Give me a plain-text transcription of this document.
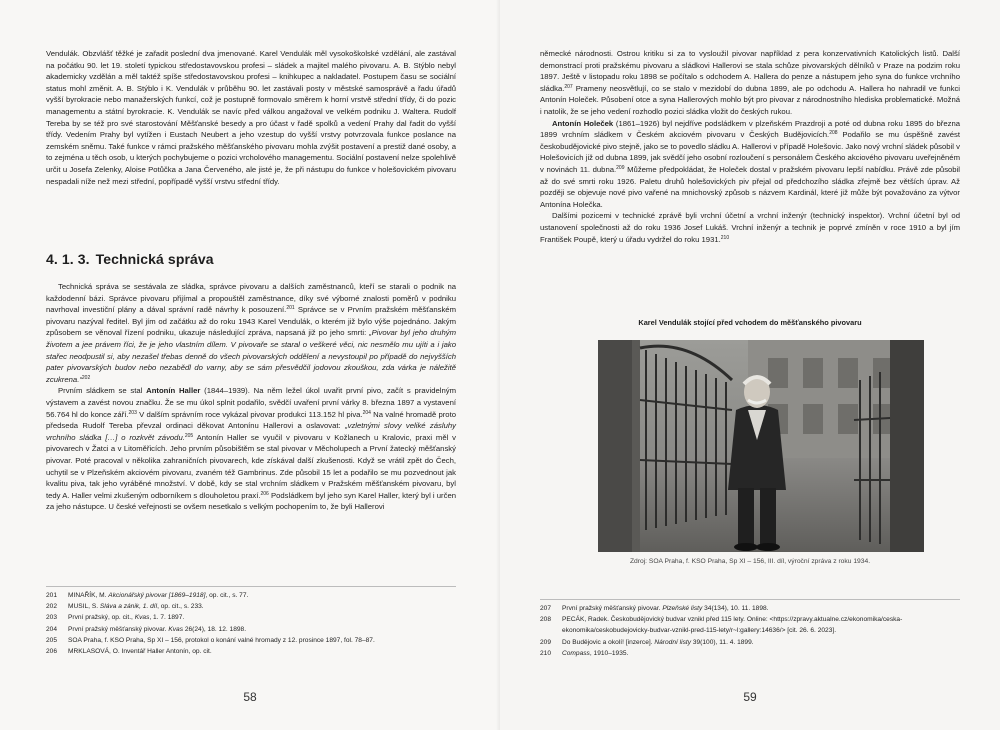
Vendulák. Obzvlášť těžké je zařadit poslední dva jmenované. Karel Vendulák měl vysokoškolské vzdělání, ale zastával na počátku 90. let 19. století typickou středostavovskou profesi – sládek a majitel malého pivovaru. A. B. Stýblo nebyl akademicky vzdělán a měl taktéž spíše středostavovskou profesi – knihkupec a nakladatel. Postupem času se sociální status mohl změnit. A. B. Stýblo i K. Vendulák v průběhu 90. let zastávali posty v městské samosprávě a řadu úřadů vyšší byrokracie nebo manažerských funkcí, což je postupně formovalo směrem k horní vrstvě střední třídy, či do pozic managementu a státní byrokracie. K. Vendulák se navíc před válkou angažoval ve velkém podniku J. Waltera. Rudolf Tereba by se též pro své starostování Měšťanské besedy a pro účast v řadě spolků a vedení Prahy dal řadit do vyšší třídy. Vedením Prahy byl vytížen i Eustach Neubert a jeho vzestup do vyšší vrstvy potvrzovala funkce poslance na zemském sněmu. Také funkce v rámci pražského měšťanského pivovaru mohla zvýšit postavení a prestiž dané osoby, a to zejména u těch osob, u kterých pochybujeme o pozici vrcholového managementu. Sociální postavení nelze spolehlivě určit u Josefa Zelenky, Aloise Potůčka a Jana Červeného, ale jisté je, že při nástupu do funkce v holešovickém pivovaru nespadali níže než mezi střední, popřípadě vyšší vrstvu střední třídy.

4. 1. 3. Technická správa

Technická správa se sestávala ze sládka, správce pivovaru a dalších zaměstnanců, kteří se starali o podnik na každodenní bázi. Správce pivovaru přijímal a propouštěl zaměstnance, díky své výborné znalosti poměrů v podniku navrhoval investiční plány a dával správní radě návrhy k posouzení.$^{201}$ Správce se v Prvním pražském měšťanském pivovaru nazýval ředitel. Byl jím od začátku až do roku 1943 Karel Vendulák, o kterém již bylo výše pojednáno. Jakým způsobem se věnoval řízení podniku, ukazuje následující zpráva, napsaná již po jeho smrti: „Pivovar byl jeho druhým životem a jee právem říci, že je jeho vlastním dílem. V pivovaře se staral o veškeré věci, nic nesmělo mu ujíti a i jako stařec neodpustil si, aby nezašel třebas denně do všech pivovarských oddělení a nevystoupil po případě do nejvyšších pater pivovarských budov nebo nezabědl do varny, aby se sám přesvědčil jodovou zkouškou, zda várka je náležitě zcukrena.“$^{202}$

Prvním sládkem se stal Antonín Haller (1844–1939). Na něm ležel úkol uvařit první pivo, začít s pravidelným výstavem a zavést novou značku. Že se mu úkol splnit podařilo, svědčí uvaření první várky 8. března 1897 a vystavení 56.764 hl do konce září.$^{203}$ V dalším správním roce vykázal pivovar produkci 113.152 hl piva.$^{204}$ Na valné hromadě proto předseda Rudolf Tereba převzal ordinaci děkovat Antonínu Hallerovi a oslavovat: „vzletnými slovy veliké zásluhy vrchního sládka […] o rozkvět závodu.$^{205}$ Antonín Haller se vyučil v pivovaru v Kožlanech u Kralovic, praxi měl v pivovarech v Žatci a v Litoměřicích. Jeho prvním působištěm se stal pivovar v Měcholupech a První žatecký měšťanský pivovar. Poté pracoval v několika zahraničních pivovarech, kde získával další zkušenosti. Když se vrátil zpět do Čech, uchytil se v Plzeňském akciovém pivovaru, zvaném též Gambrinus. Zde působil 15 let a podařilo se mu pozvednout jak kvalitu piva, tak jeho vyráběné množství. V době, kdy se stal vrchním sládkem v Pražském měšťanském pivovaru, byl tedy A. Haller velmi zkušeným odborníkem s dlouholetou praxí.$^{206}$ Podsládkem byl jeho syn Karel Haller, který byl i určen za jeho nástupce. U české veřejnosti se ovšem nesetkalo s velkým pochopením to, že byli Hallerovi

201	MINAŘÍK, M. Akcionářský pivovar [1869–1918], op. cit., s. 77.
202	MUSIL, S. Sláva a zánik, 1. díl, op. cit., s. 233.
203	První pražský, op. cit., Kvas, 1. 7. 1897.
204	První pražský měšťanský pivovar. Kvas 26(24), 18. 12. 1898.
205	SOA Praha, f. KSO Praha, Sp XI – 156, protokol o konání valné hromady z 12. prosince 1897, fol. 78–87.
206	MRKLASOVÁ, O. Inventář Haller Antonín, op. cit.
58

německé národnosti. Ostrou kritiku si za to vysloužil pivovar například z pera konzervativních Katolických listů. Další demonstrací proti pražskému pivovaru a sládkovi Hallerovi se stala schůze pivovarských dělníků v Praze na podzim roku 1897. Ještě v listopadu roku 1898 se počítalo s odchodem A. Hallera do penze a nástupem jeho syna do funkce vrchního sládka.$^{207}$ Prameny neosvětlují, co se stalo v mezidobí do dubna 1899, ale po odchodu A. Hallera ho nahradil ve funkci Antonín Holeček. Působení otce a syna Hallerových mohlo být pro pivovar z národnostního hlediska problematické. Možná i natolik, že se jeho vedení rozhodlo pozici sládka vložit do českých rukou.

Antonín Holeček (1861–1926) byl nejdříve podsládkem v plzeňském Prazdroji a poté od dubna roku 1895 do března 1899 vrchním sládkem v Českém akciovém pivovaru v Českých Budějovicích.$^{208}$ Podařilo se mu úspěšně zavést českobudějovické pivo stejně, jako se to povedlo sládku A. Hallerovi v případě Holešovic. Jako nový vrchní sládek působil v Holešovicích již od dubna 1899, jak svědčí jeho osobní rozloučení s personálem Českého akciového pivovaru uveřejněném v novinách 11. dubna.$^{209}$ Můžeme předpokládat, že Holeček dostal v pražském pivovaru lepší nabídku. Právě zde působil až do své smrti roku 1926. Paletu druhů holešovických piv přejal od předchozího sládka zřejmě bez větších úprav. Až později se objevuje nové pivo vařené na mnichovský způsob s názvem Kardinál, které již může být považováno za výtvor Antonína Holečka.

Dalšími pozicemi v technické zprávě byli vrchní účetní a vrchní inženýr (technický inspektor). Vrchní účetní byl od ustanovení společnosti až do roku 1936 Josef Lukáš. Vrchní inženýr a technik je poprvé zmíněn v roce 1910 a byl jím František Poupě, který u úřadu vydržel do roku 1931.$^{210}$

Karel Vendulák stojící před vchodem do měšťanského pivovaru

Zdroj: SOA Praha, f. KSO Praha, Sp XI – 156, III. díl, výroční zpráva z roku 1934.
207	První pražský měšťanský pivovar. Plzeňské listy 34(134), 10. 11. 1898.
208	PECÁK, Radek. Českobudějovický budvar vznikl před 115 lety. Online: <https://zpravy.aktualne.cz/ekonomika/ceska-ekonomika/ceskobudejovicky-budvar-vznikl-pred-115-lety/r~l:gallery:14636/> [cit. 26. 6. 2023].
209	Do Budějovic a okolí! [inzerce]. Národní listy 39(100), 11. 4. 1899.
210	Compass, 1910–1935.
59
